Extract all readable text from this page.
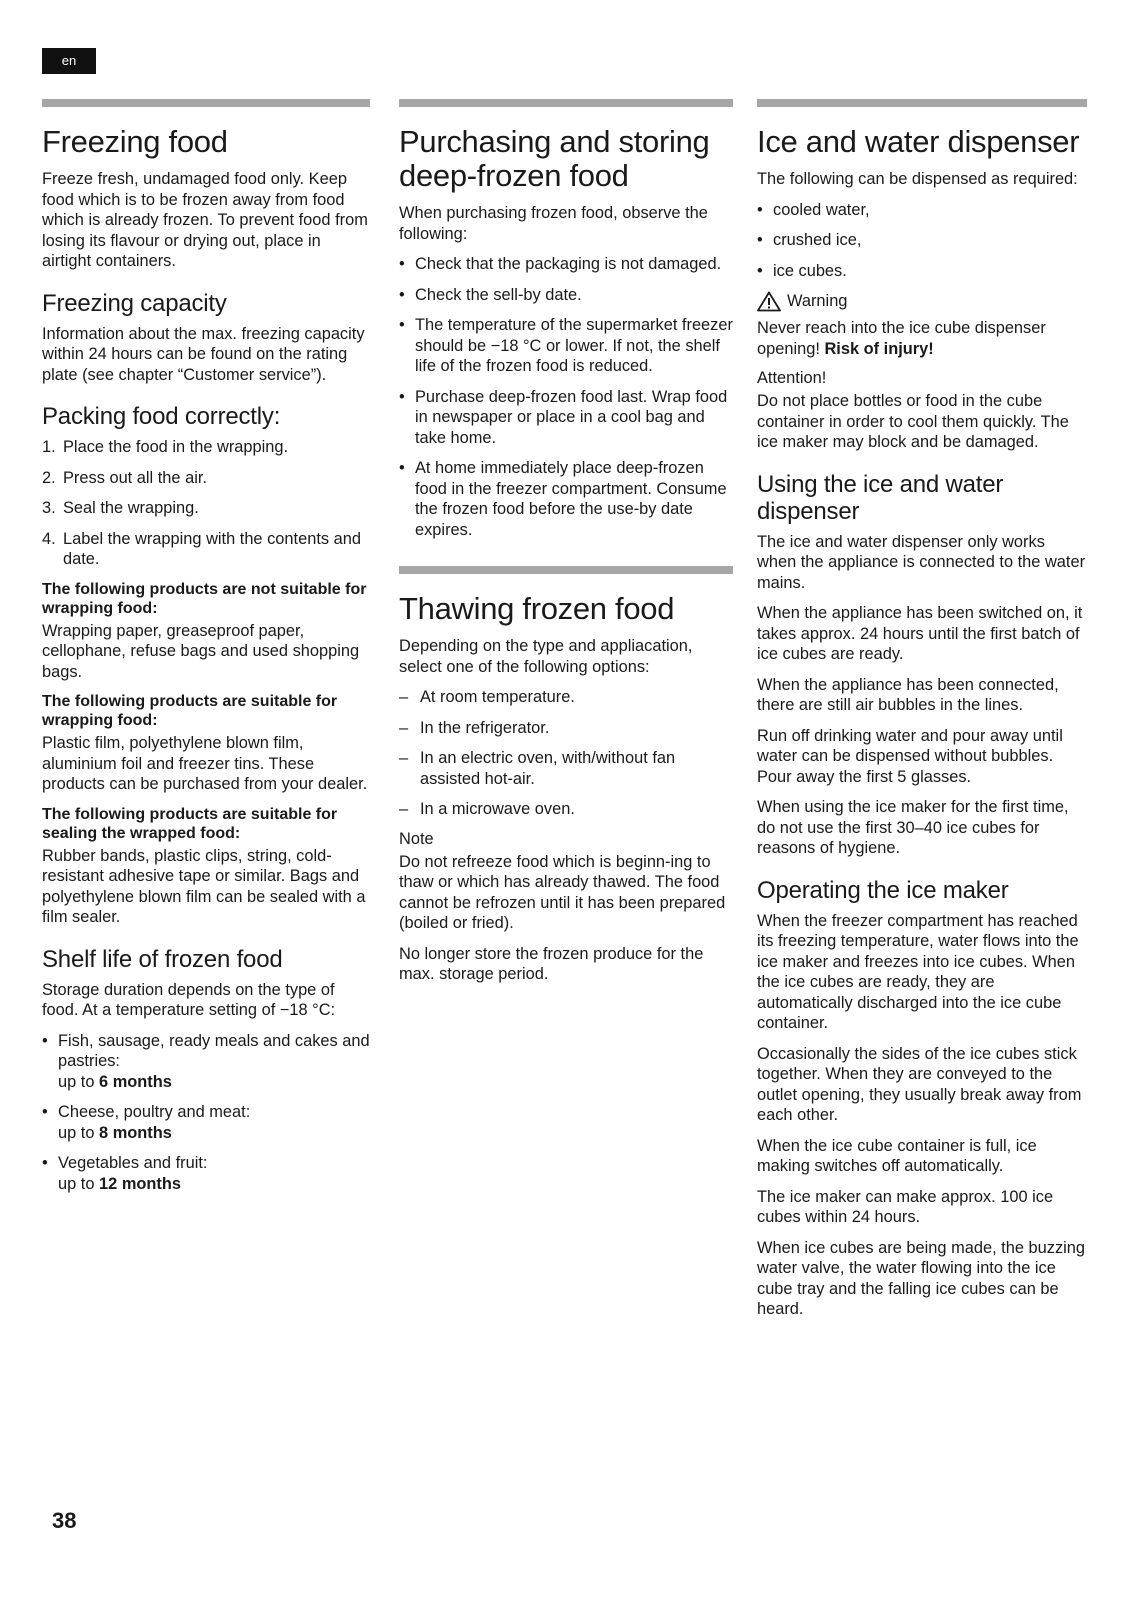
en
Freezing food

Freeze fresh, undamaged food only. Keep food which is to be frozen away from food which is already frozen. To prevent food from losing its flavour or drying out, place in airtight containers.

Freezing capacity

Information about the max. freezing capacity within 24 hours can be found on the rating plate (see chapter “Customer service”).

Packing food correctly:
1. Place the food in the wrapping.
2. Press out all the air.
3. Seal the wrapping.
4. Label the wrapping with the contents and date.
The following products are not suitable for wrapping food:

Wrapping paper, greaseproof paper, cellophane, refuse bags and used shopping bags.

The following products are suitable for wrapping food:

Plastic film, polyethylene blown film, aluminium foil and freezer tins. These products can be purchased from your dealer.

The following products are suitable for sealing the wrapped food:

Rubber bands, plastic clips, string, cold-resistant adhesive tape or similar. Bags and polyethylene blown film can be sealed with a film sealer.

Shelf life of frozen food

Storage duration depends on the type of food. At a temperature setting of −18 °C:

• Fish, sausage, ready meals and cakes and pastries:
up to 6 months
• Cheese, poultry and meat:
up to 8 months
• Vegetables and fruit:
up to 12 months
Purchasing and storing deep-frozen food

When purchasing frozen food, observe the following:

• Check that the packaging is not damaged.
• Check the sell-by date.
• The temperature of the supermarket freezer should be −18 °C or lower. If not, the shelf life of the frozen food is reduced.
• Purchase deep-frozen food last. Wrap food in newspaper or place in a cool bag and take home.
• At home immediately place deep-frozen food in the freezer compartment. Consume the frozen food before the use-by date expires.
Thawing frozen food

Depending on the type and appliacation, select one of the following options:

– At room temperature.
– In the refrigerator.
– In an electric oven, with/without fan assisted hot-air.
– In a microwave oven.
Note

Do not refreeze food which is beginn-ing to thaw or which has already thawed. The food cannot be refrozen until it has been prepared (boiled or fried).

No longer store the frozen produce for the max. storage period.

Ice and water dispenser

The following can be dispensed as required:

• cooled water,
• crushed ice,
• ice cubes.
Warning

Never reach into the ice cube dispenser opening! Risk of injury!

Attention!

Do not place bottles or food in the cube container in order to cool them quickly. The ice maker may block and be damaged.

Using the ice and water dispenser

The ice and water dispenser only works when the appliance is connected to the water mains.

When the appliance has been switched on, it takes approx. 24 hours until the first batch of ice cubes are ready.

When the appliance has been connected, there are still air bubbles in the lines.

Run off drinking water and pour away until water can be dispensed without bubbles. Pour away the first 5 glasses.

When using the ice maker for the first time, do not use the first 30–40 ice cubes for reasons of hygiene.

Operating the ice maker

When the freezer compartment has reached its freezing temperature, water flows into the ice maker and freezes into ice cubes. When the ice cubes are ready, they are automatically discharged into the ice cube container.

Occasionally the sides of the ice cubes stick together. When they are conveyed to the outlet opening, they usually break away from each other.

When the ice cube container is full, ice making switches off automatically.

The ice maker can make approx. 100 ice cubes within 24 hours.

When ice cubes are being made, the buzzing water valve, the water flowing into the ice cube tray and the falling ice cubes can be heard.

38
